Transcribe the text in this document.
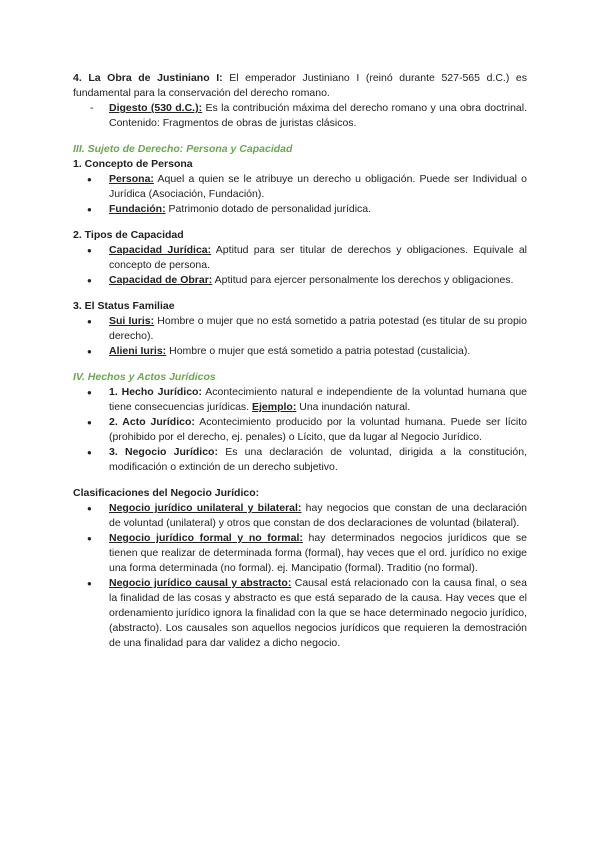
4. La Obra de Justiniano I: El emperador Justiniano I (reinó durante 527-565 d.C.) es fundamental para la conservación del derecho romano.

- Digesto (530 d.C.): Es la contribución máxima del derecho romano y una obra doctrinal. Contenido: Fragmentos de obras de juristas clásicos.

III. Sujeto de Derecho: Persona y Capacidad

1. Concepto de Persona

● Persona: Aquel a quien se le atribuye un derecho u obligación. Puede ser Individual o Jurídica (Asociación, Fundación).
● Fundación: Patrimonio dotado de personalidad jurídica.

2. Tipos de Capacidad

● Capacidad Jurídica: Aptitud para ser titular de derechos y obligaciones. Equivale al concepto de persona.
● Capacidad de Obrar: Aptitud para ejercer personalmente los derechos y obligaciones.

3. El Status Familiae

● Sui Iuris: Hombre o mujer que no está sometido a patria potestad (es titular de su propio derecho).
● Alieni Iuris: Hombre o mujer que está sometido a patria potestad (custalicia).

IV. Hechos y Actos Jurídicos

● 1. Hecho Jurídico: Acontecimiento natural e independiente de la voluntad humana que tiene consecuencias jurídicas. Ejemplo: Una inundación natural.
● 2. Acto Jurídico: Acontecimiento producido por la voluntad humana. Puede ser lícito (prohibido por el derecho, ej. penales) o Lícito, que da lugar al Negocio Jurídico.
● 3. Negocio Jurídico: Es una declaración de voluntad, dirigida a la constitución, modificación o extinción de un derecho subjetivo.

Clasificaciones del Negocio Jurídico:

● Negocio jurídico unilateral y bilateral: hay negocios que constan de una declaración de voluntad (unilateral) y otros que constan de dos declaraciones de voluntad (bilateral).
● Negocio jurídico formal y no formal: hay determinados negocios jurídicos que se tienen que realizar de determinada forma (formal), hay veces que el ord. jurídico no exige una forma determinada (no formal). ej. Mancipatio (formal). Traditio (no formal).
● Negocio jurídico causal y abstracto: Causal está relacionado con la causa final, o sea la finalidad de las cosas y abstracto es que está separado de la causa. Hay veces que el ordenamiento jurídico ignora la finalidad con la que se hace determinado negocio jurídico, (abstracto). Los causales son aquellos negocios jurídicos que requieren la demostración de una finalidad para dar validez a dicho negocio.
